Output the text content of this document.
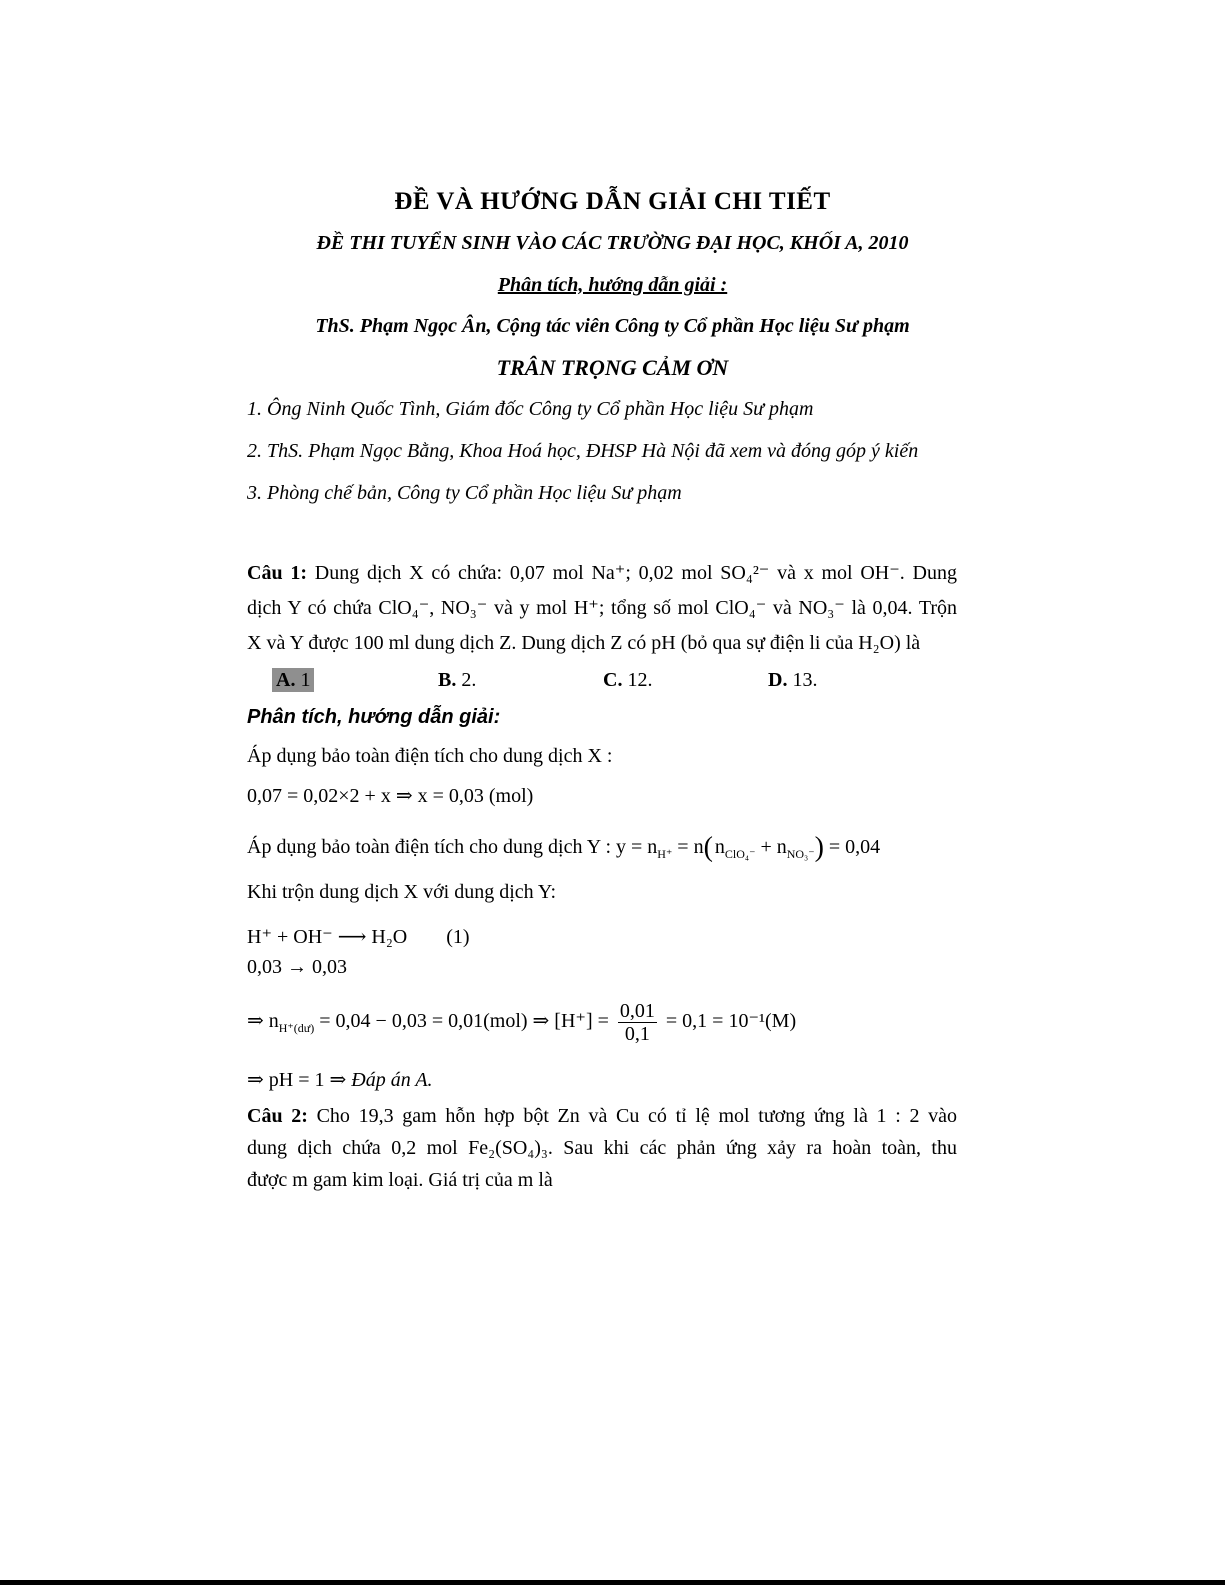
ĐỀ VÀ HƯỚNG DẪN GIẢI CHI TIẾT
ĐỀ THI TUYỂN SINH VÀO CÁC TRƯỜNG ĐẠI HỌC, KHỐI A, 2010
Phân tích, hướng dẫn giải :
ThS. Phạm Ngọc Ân, Cộng tác viên Công ty Cổ phần Học liệu Sư phạm
TRÂN TRỌNG CẢM ƠN
1. Ông Ninh Quốc Tình, Giám đốc Công ty Cổ phần Học liệu Sư phạm
2. ThS. Phạm Ngọc Bằng, Khoa Hoá học, ĐHSP Hà Nội đã xem và đóng góp ý kiến
3. Phòng chế bản, Công ty Cổ phần Học liệu Sư phạm
Câu 1: Dung dịch X có chứa: 0,07 mol Na⁺; 0,02 mol SO₄²⁻ và x mol OH⁻. Dung
dịch Y có chứa ClO₄⁻, NO₃⁻ và y mol H⁺; tổng số mol ClO₄⁻ và NO₃⁻ là 0,04. Trộn
X và Y được 100 ml dung dịch Z. Dung dịch Z có pH (bỏ qua sự điện li của H₂O) là
A. 1	B. 2.	C. 12.	D. 13.
Phân tích, hướng dẫn giải:
Áp dụng bảo toàn điện tích cho dung dịch X :
0,07 = 0,02×2 + x ⇒ x = 0,03 (mol)
Áp dụng bảo toàn điện tích cho dung dịch Y : $y = n_{H^+} = n$( $n_{ClO_4^-} + n_{NO_3^-}) = 0,04$
Khi trộn dung dịch X với dung dịch Y:
H⁺ + OH⁻ ⟶ H₂O (1)
0,03 → 0,03
⇒ $n_{H^+(dư)} = 0,04 - 0,03 = 0,01(mol)$ ⇒ $[H^+] = \frac{0,01}{0,1} = 0,1 = 10^{-1}(M)$
⇒ pH = 1 ⇒ Đáp án A.
Câu 2: Cho 19,3 gam hỗn hợp bột Zn và Cu có tỉ lệ mol tương ứng là 1 : 2 vào
dung dịch chứa 0,2 mol Fe₂(SO₄)₃. Sau khi các phản ứng xảy ra hoàn toàn, thu
được m gam kim loại. Giá trị của m là
